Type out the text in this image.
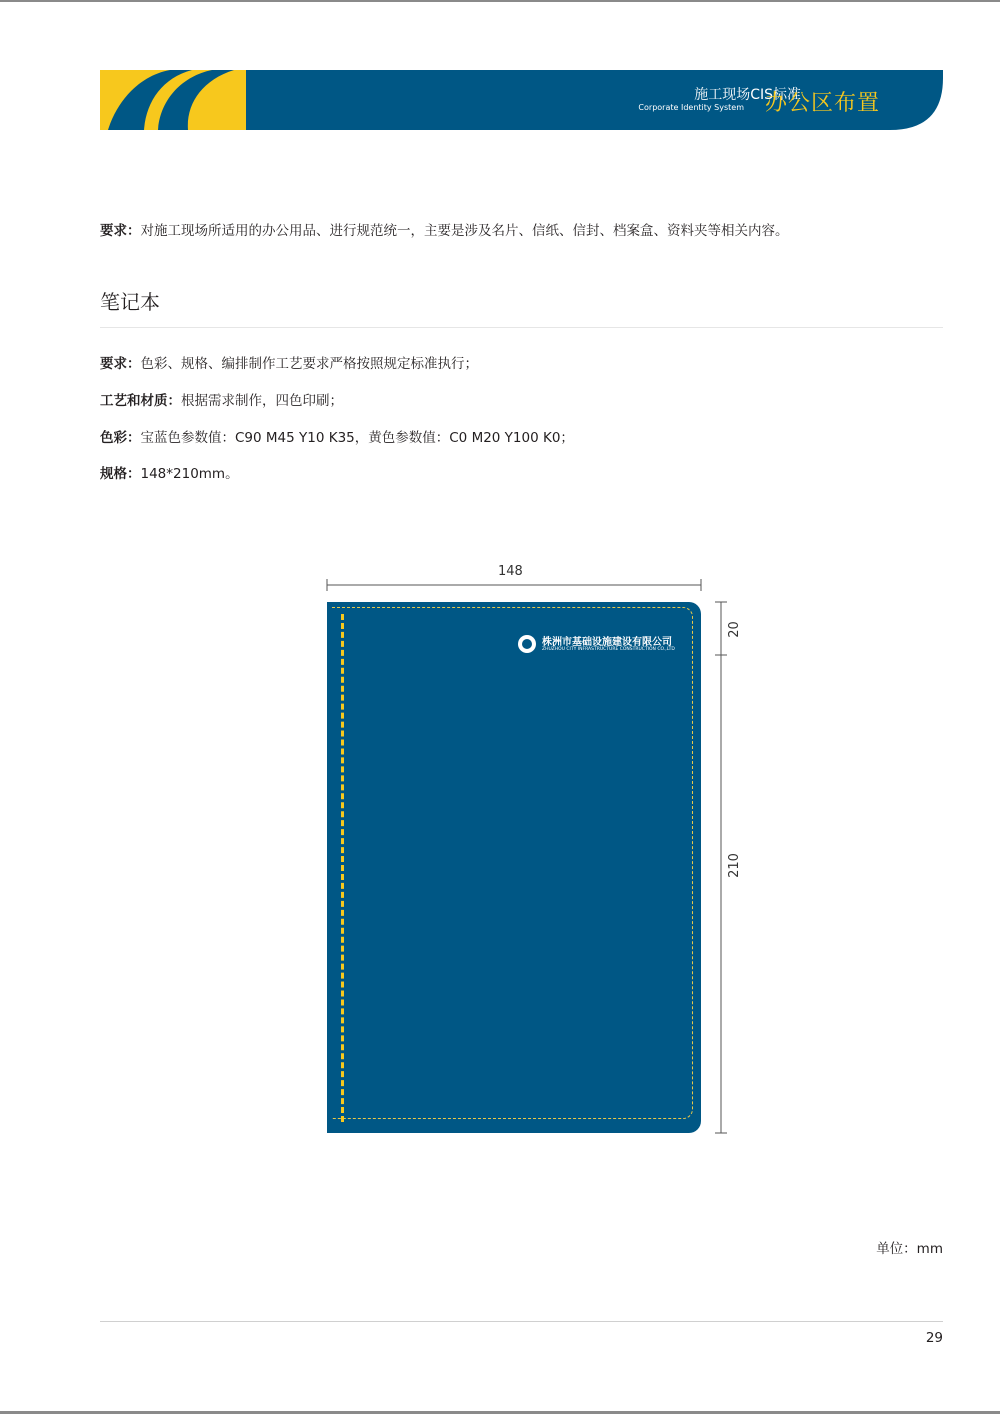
施工现场CIS标准
Corporate Identity System 办公区布置
要求：对施工现场所适用的办公用品、进行规范统一，主要是涉及名片、信纸、信封、档案盒、资料夹等相关内容。
笔记本
要求：色彩、规格、编排制作工艺要求严格按照规定标准执行；
工艺和材质：根据需求制作，四色印刷；
色彩：宝蓝色参数值：C90 M45 Y10 K35，黄色参数值：C0 M20 Y100 K0；
规格：148*210mm。
148
20
210
株洲市基础设施建设有限公司
ZHUZHOU CITY INFRASTRUCTURE CONSTRUCTION CO.,LTD
单位：mm
29
